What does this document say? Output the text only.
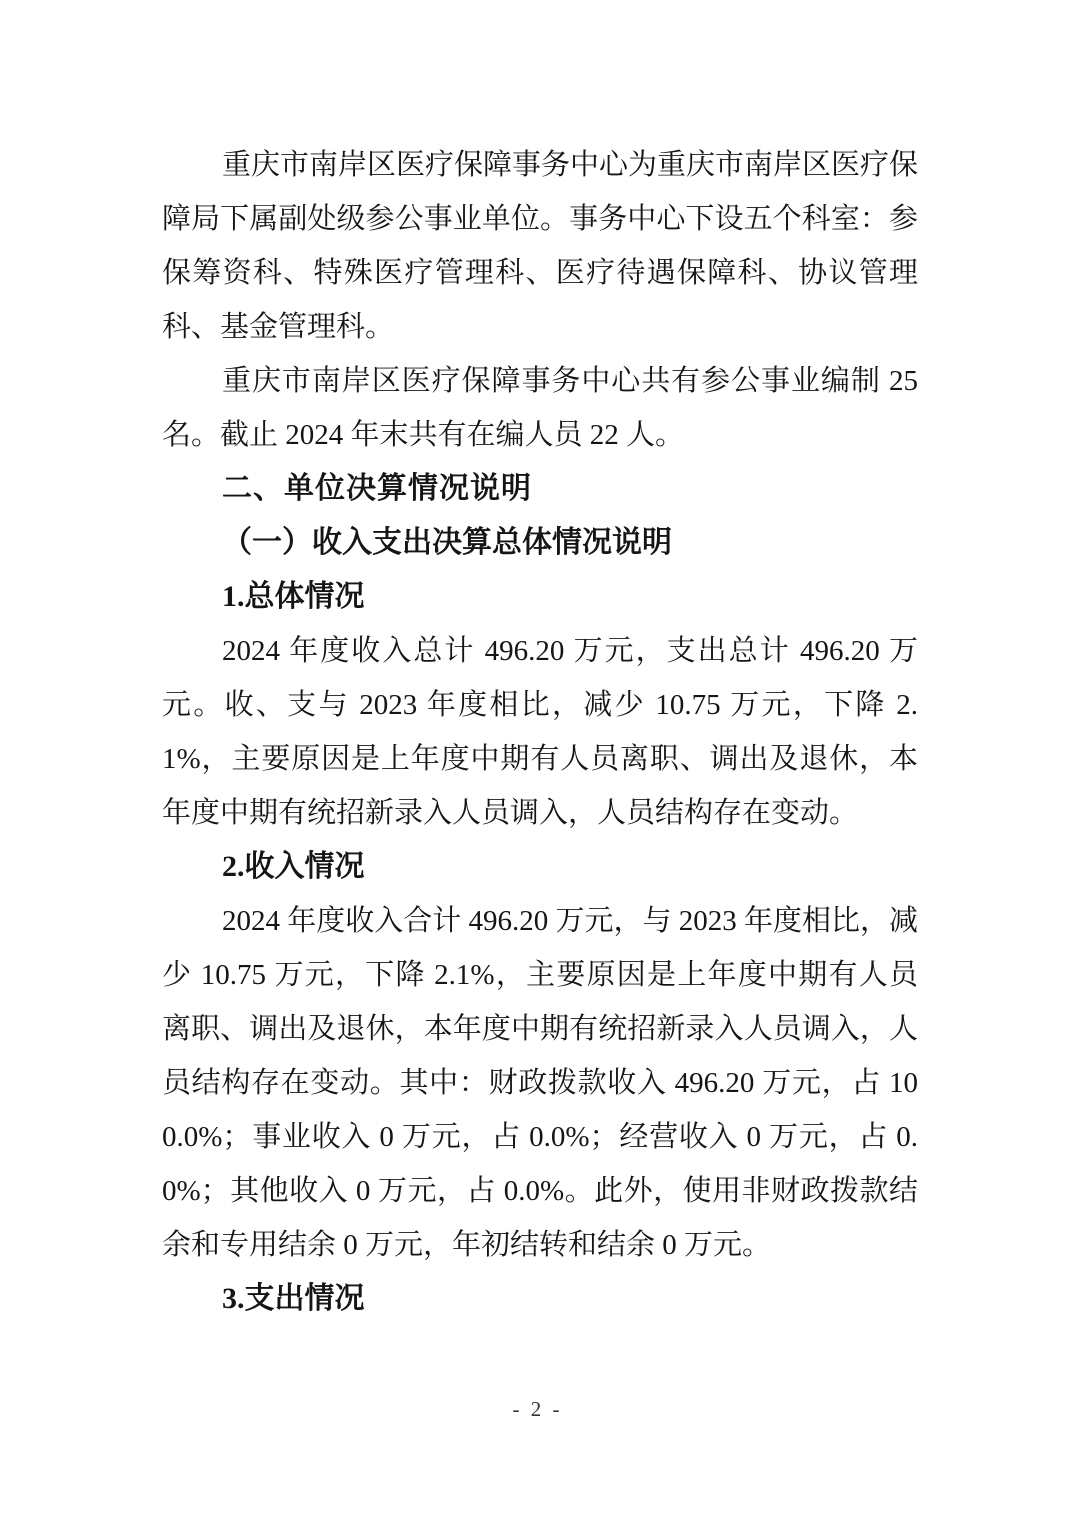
重庆市南岸区医疗保障事务中心为重庆市南岸区医疗保障局下属副处级参公事业单位。事务中心下设五个科室：参保筹资科、特殊医疗管理科、医疗待遇保障科、协议管理科、基金管理科。

重庆市南岸区医疗保障事务中心共有参公事业编制 25 名。截止 2024 年末共有在编人员 22 人。

二、单位决算情况说明
（一）收入支出决算总体情况说明
1.总体情况

2024 年度收入总计 496.20 万元，支出总计 496.20 万元。收、支与 2023 年度相比，减少 10.75 万元，下降 2.1%，主要原因是上年度中期有人员离职、调出及退休，本年度中期有统招新录入人员调入，人员结构存在变动。

2.收入情况

2024 年度收入合计 496.20 万元，与 2023 年度相比，减少 10.75 万元，下降 2.1%，主要原因是上年度中期有人员离职、调出及退休，本年度中期有统招新录入人员调入，人员结构存在变动。其中：财政拨款收入 496.20 万元，占 100.0%；事业收入 0 万元，占 0.0%；经营收入 0 万元，占 0.0%；其他收入 0 万元，占 0.0%。此外，使用非财政拨款结余和专用结余 0 万元，年初结转和结余 0 万元。

3.支出情况
- 2 -
